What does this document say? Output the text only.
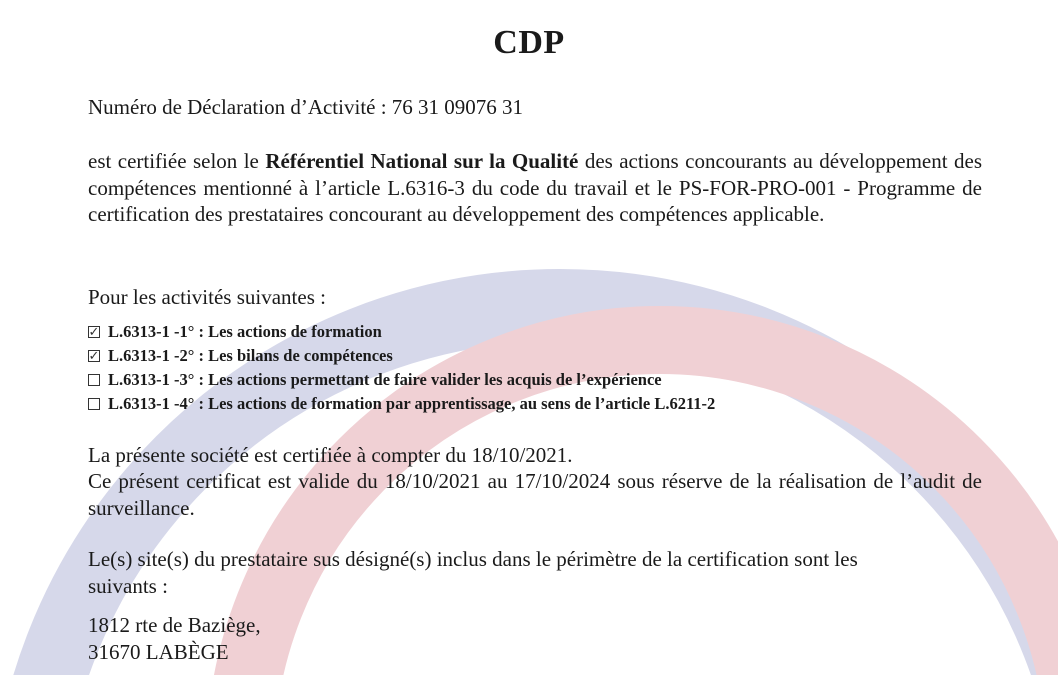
CDP
Numéro de Déclaration d’Activité : 76 31 09076 31
est certifiée selon le Référentiel National sur la Qualité des actions concourants au développement des compétences mentionné à l’article L.6316-3 du code du travail et le PS-FOR-PRO-001 - Programme de certification des prestataires concourant au développement des compétences applicable.
Pour les activités suivantes :
✓ L.6313-1 -1° : Les actions de formation
✓ L.6313-1 -2° : Les bilans de compétences
L.6313-1 -3° : Les actions permettant de faire valider les acquis de l’expérience
L.6313-1 -4° : Les actions de formation par apprentissage, au sens de l’article L.6211-2
La présente société est certifiée à compter du 18/10/2021.
Ce présent certificat est valide du 18/10/2021 au 17/10/2024 sous réserve de la réalisation de l’audit de surveillance.
Le(s) site(s) du prestataire sus désigné(s) inclus dans le périmètre de la certification sont les
suivants :
1812 rte de Baziège,
31670 LABÈGE
